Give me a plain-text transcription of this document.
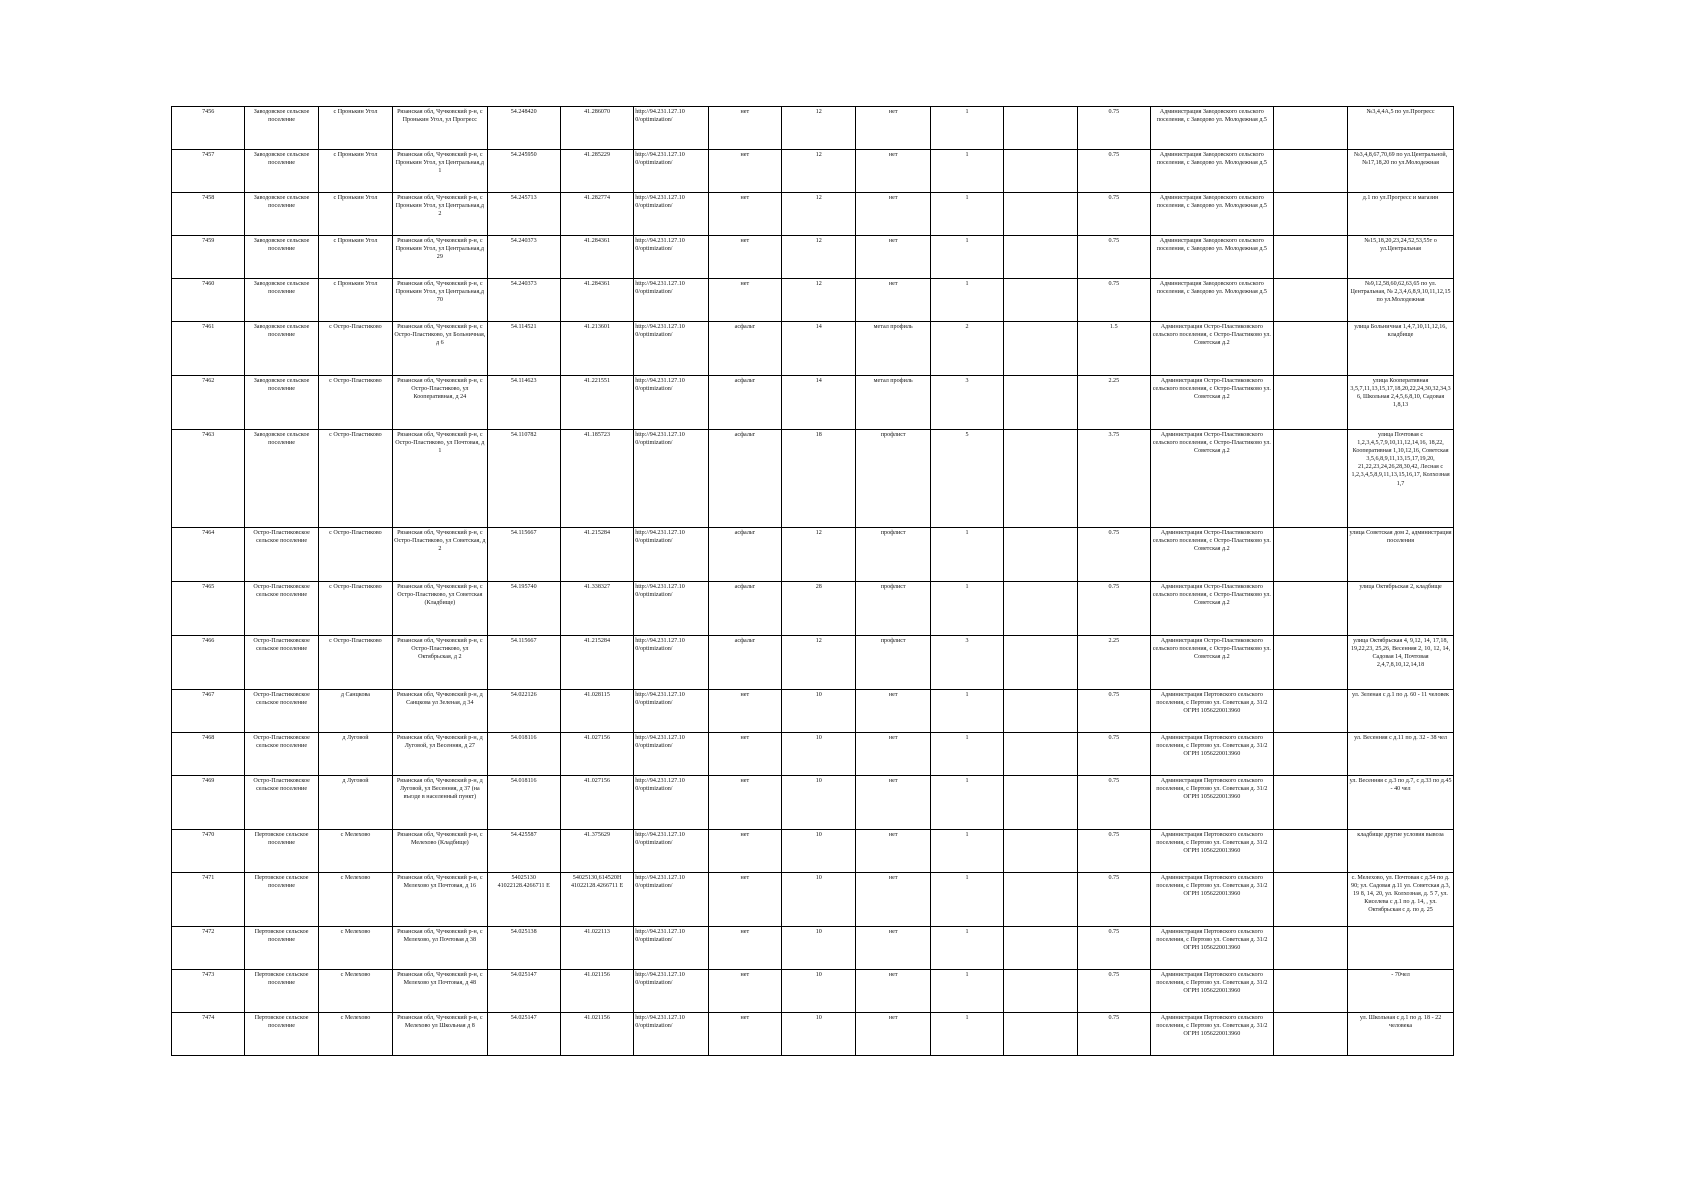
7456	Заводовское сельское поселение	с Пронькин Угол	Рязанская обл, Чучковский р-н, с Пронькин Угол, ул Прогресс	54.248420	41.286070	http://94.231.127.10 0/optimization/	нет	12	нет	1		0.75	Администрация Заводовского сельского поселения, с Заводово ул. Молодежная д.5		№3,4,4А,5 по ул.Прогресс
7457	Заводовское сельское поселение	с Пронькин Угол	Рязанская обл, Чучковский р-н, с Пронькин Угол, ул Центральная,д 1	54.245950	41.285229	http://94.231.127.10 0/optimization/	нет	12	нет	1		0.75	Администрация Заводовского сельского поселения, с Заводово ул. Молодежная д.5		№3,4,8,67,70,69 по ул.Центральной, №17,18,20 по ул.Молодежная
7458	Заводовское сельское поселение	с Пронькин Угол	Рязанская обл, Чучковский р-н, с Пронькин Угол, ул Центральная,д 2	54.245713	41.282774	http://94.231.127.10 0/optimization/	нет	12	нет	1		0.75	Администрация Заводовского сельского поселения, с Заводово ул. Молодежная д.5		д.1 по ул.Прогресс и магазин
7459	Заводовское сельское поселение	с Пронькин Угол	Рязанская обл, Чучковский р-н, с Пронькин Угол, ул Центральная,д 29	54.240373	41.284361	http://94.231.127.10 0/optimization/	нет	12	нет	1		0.75	Администрация Заводовского сельского поселения, с Заводово ул. Молодежная д.5		№15,18,20,23,24,52,53,55т о ул.Центральная
7460	Заводовское сельское поселение	с Пронькин Угол	Рязанская обл, Чучковский р-н, с Пронькин Угол, ул Центральная,д 70	54.240373	41.284361	http://94.231.127.10 0/optimization/	нет	12	нет	1		0.75	Администрация Заводовского сельского поселения, с Заводово ул. Молодежная д.5		№9,12,58,60,62,63,65 по ул. Центральная, № 2,3,4,6,8,9,10,11,12,15 по ул.Молодежная
7461	Заводовское сельское поселение	с Остро-Пластиково	Рязанская обл, Чучковский р-н, с Остро-Пластиково, ул Больничная, д 6	54.114521	41.213601	http://94.231.127.10 0/optimization/	асфальт	14	метал профиль	2		1.5	Администрация Остро-Пластиковского сельского поселения, с Остро-Пластиково ул. Советская д.2		улица Больничная 1,4,7,10,11,12,16, кладбище
7462	Заводовское сельское поселение	с Остро-Пластиково	Рязанская обл, Чучковский р-н, с Остро-Пластиково, ул Кооперативная, д 24	54.114623	41.221551	http://94.231.127.10 0/optimization/	асфальт	14	метал профиль	3		2.25	Администрация Остро-Пластиковского сельского поселения, с Остро-Пластиково ул. Советская д.2		улица Кооперативная 3,5,7,11,13,15,17,18,20,22,24,30,32,34,36, Школьная 2,4,5,6,8,10, Садовая 1,8,13
7463	Заводовское сельское поселение	с Остро-Пластиково	Рязанская обл, Чучковский р-н, с Остро-Пластиково, ул Почтовая, д 1	54.110782	41.185723	http://94.231.127.10 0/optimization/	асфальт	18	профлист	5		3.75	Администрация Остро-Пластиковского сельского поселения, с Остро-Пластиково ул. Советская д.2		улица Почтовая с 1,2,3,4,5,7,9,10,11,12,14,16, 18,22, Кооперативная 1,10,12,16, Советская 3,5,6,8,9,11,13,15,17,19,20, 21,22,23,24,26,28,30,42, Лесная с 1,2,3,4,5,8,9,11,13,15,16,17, Колхозная 1,7
7464	Остро-Пластиковское сельское поселение	с Остро-Пластиково	Рязанская обл, Чучковский р-н, с Остро-Пластиково, ул Советская, д 2	54.115667	41.215284	http://94.231.127.10 0/optimization/	асфальт	12	профлист	1		0.75	Администрация Остро-Пластиковского сельского поселения, с Остро-Пластиково ул. Советская д.2		улица Советская дом 2, администрация поселения
7465	Остро-Пластиковское сельское поселение	с Остро-Пластиково	Рязанская обл, Чучковский р-н, с Остро-Пластиково, ул Советская (Кладбище)	54.195740	41.338327	http://94.231.127.10 0/optimization/	асфальт	28	профлист	1		0.75	Администрация Остро-Пластиковского сельского поселения, с Остро-Пластиково ул. Советская д.2		улица Октябрьская 2, кладбище
7466	Остро-Пластиковское сельское поселение	с Остро-Пластиково	Рязанская обл, Чучковский р-н, с Остро-Пластиково, ул Октябрьская, д 2	54.115667	41.215284	http://94.231.127.10 0/optimization/	асфальт	12	профлист	3		2.25	Администрация Остро-Пластиковского сельского поселения, с Остро-Пластиково ул. Советская д.2		улица Октябрьская 4, 9,12, 14, 17,18, 19,22,23, 25,26, Весенняя 2, 10, 12, 14, Садовая 14, Почтовая 2,4,7,8,10,12,14,18
7467	Остро-Пластиковское сельское поселение	д Санцкова	Рязанская обл, Чучковский р-н, д Санцкова ул Зеленая, д 34	54.022126	41.028115	http://94.231.127.10 0/optimization/	нет	10	нет	1		0.75	Администрация Пертовского сельского поселения, с Пертово ул. Советская д. 31/2 ОГРН 1056220013960		ул. Зеленая с д.1 по д. 60 - 11 человек
7468	Остро-Пластиковское сельское поселение	д Луговой	Рязанская обл, Чучковский р-н, д Луговой, ул Весенняя, д 27	54.018116	41.027156	http://94.231.127.10 0/optimization/	нет	10	нет	1		0.75	Администрация Пертовского сельского поселения, с Пертово ул. Советская д. 31/2 ОГРН 1056220013960		ул. Весенняя с д.11 по д. 32 - 38 чел
7469	Остро-Пластиковское сельское поселение	д Луговой	Рязанская обл, Чучковский р-н, д Луговой, ул Весенняя, д 37 (на въезде в населенный пункт)	54.018116	41.027156	http://94.231.127.10 0/optimization/	нет	10	нет	1		0.75	Администрация Пертовского сельского поселения, с Пертово ул. Советская д. 31/2 ОГРН 1056220013960		ул. Весенняя с д.3 по д.7, с д.33 по д.45 - 40 чел
7470	Пертовское сельское поселение	с Мелехово	Рязанская обл, Чучковский р-н, с Мелехово (Кладбище)	54.425587	41.375629	http://94.231.127.10 0/optimization/	нет	10	нет	1		0.75	Администрация Пертовского сельского поселения, с Пертово ул. Советская д. 31/2 ОГРН 1056220013960		кладбище другие условия вывоза
7471	Пертовское сельское поселение	с Мелехово	Рязанская обл, Чучковский р-н, с Мелехово ул Почтовая, д 16	54025130 41022128.4266711 Е	54025130,614520Н 41022128.4266711 Е	http://94.231.127.10 0/optimization/	нет	10	нет	1		0.75	Администрация Пертовского сельского поселения, с Пертово ул. Советская д. 31/2 ОГРН 1056220013960		с. Мелехово, ул. Почтовая с д.54 по д. 90; ул. Садовая д.11 ул. Советская д.3, 19 8, 14, 20, ул. Колхозная, д. 5 7, ул. Киселева с д.1 по д. 14, , ул. Октябрьская с д. по д. 25
7472	Пертовское сельское поселение	с Мелехово	Рязанская обл, Чучковский р-н, с Мелехово, ул Почтовая д 38	54.025138	41.022113	http://94.231.127.10 0/optimization/	нет	10	нет	1		0.75	Администрация Пертовского сельского поселения, с Пертово ул. Советская д. 31/2 ОГРН 1056220013960		
7473	Пертовское сельское поселение	с Мелехово	Рязанская обл, Чучковский р-н, с Мелехово ул Почтовая, д 48	54.025147	41.021156	http://94.231.127.10 0/optimization/	нет	10	нет	1		0.75	Администрация Пертовского сельского поселения, с Пертово ул. Советская д. 31/2 ОГРН 1056220013960		- 70чел
7474	Пертовское сельское поселение	с Мелехово	Рязанская обл, Чучковский р-н, с Мелехово ул Школьная д 8	54.025147	41.021156	http://94.231.127.10 0/optimization/	нет	10	нет	1		0.75	Администрация Пертовского сельского поселения, с Пертово ул. Советская д. 31/2 ОГРН 1056220013960		ул. Школьная с д.1 по д. 18 - 22 человека
